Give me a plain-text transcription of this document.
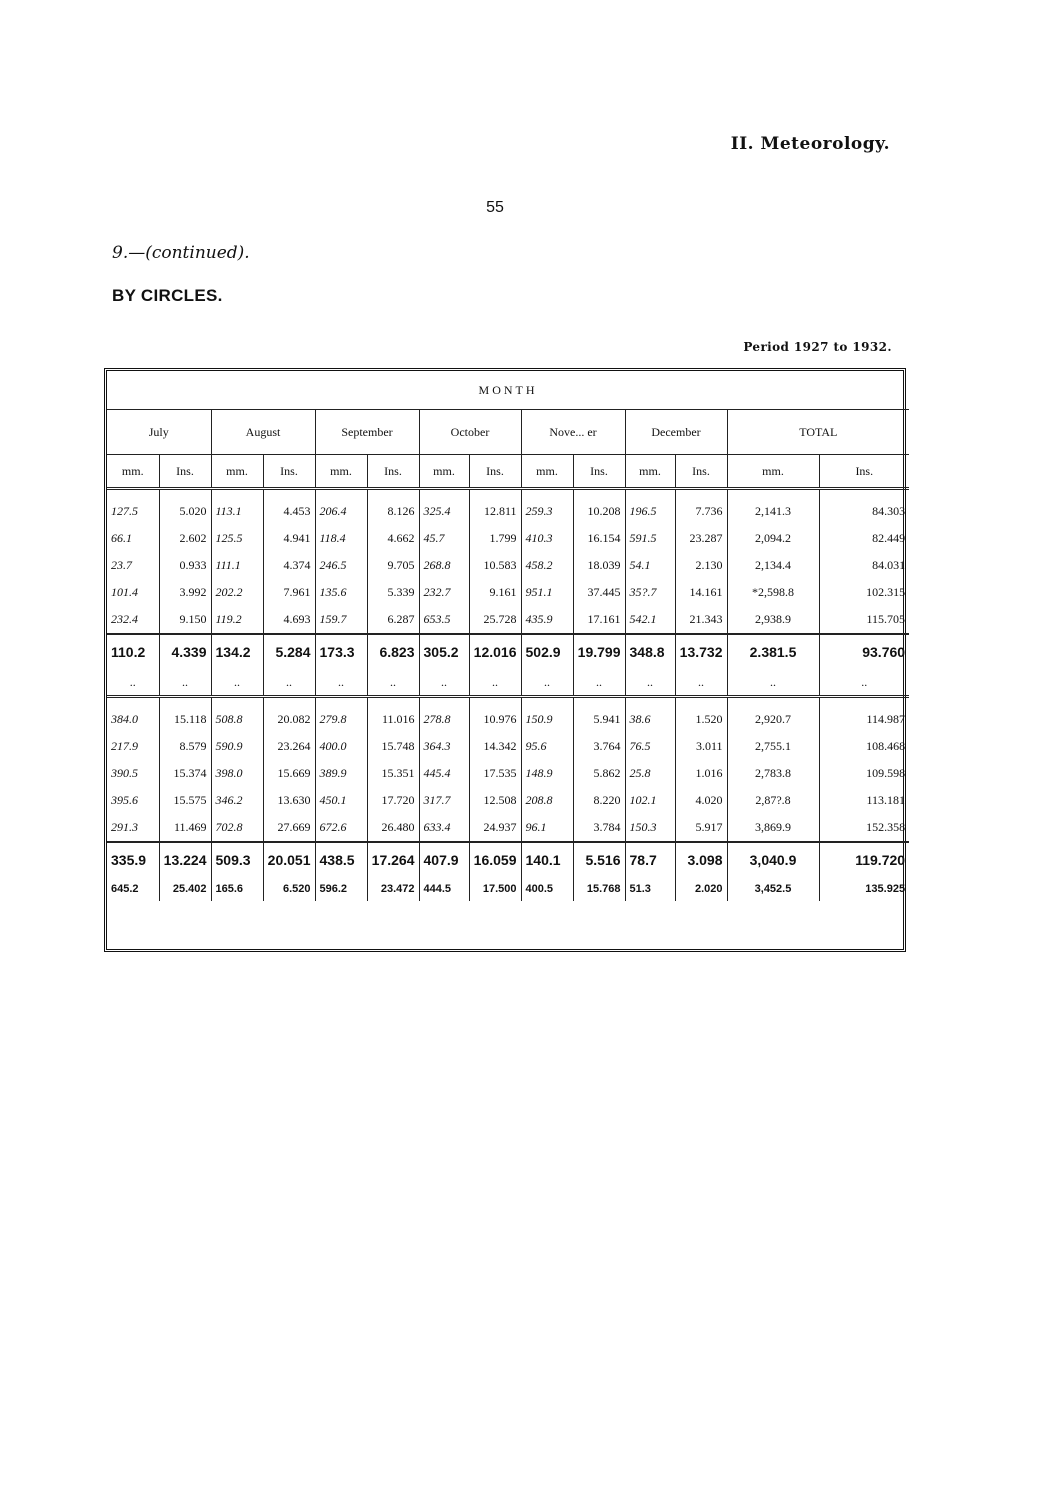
II. Meteorology.
55
9.—(continued).
BY CIRCLES.
Period 1927 to 1932.
MONTH													
July		August		September		October		Nove... er		December		TOTAL	
mm.	Ins.	mm.	Ins.	mm.	Ins.	mm.	Ins.	mm.	Ins.	mm.	Ins.	mm.	Ins.
127.5	5.020	113.1	4.453	206.4	8.126	325.4	12.811	259.3	10.208	196.5	7.736	2,141.3	84.303
66.1	2.602	125.5	4.941	118.4	4.662	45.7	1.799	410.3	16.154	591.5	23.287	2,094.2	82.449
23.7	0.933	111.1	4.374	246.5	9.705	268.8	10.583	458.2	18.039	54.1	2.130	2,134.4	84.031
101.4	3.992	202.2	7.961	135.6	5.339	232.7	9.161	951.1	37.445	35?.7	14.161	*2,598.8	102.315
232.4	9.150	119.2	4.693	159.7	6.287	653.5	25.728	435.9	17.161	542.1	21.343	2,938.9	115.705
110.2	4.339	134.2	5.284	173.3	6.823	305.2	12.016	502.9	19.799	348.8	13.732	2.381.5	93.760
..	..	..	..	..	..	..	..	..	..	..	..	..	..
384.0	15.118	508.8	20.082	279.8	11.016	278.8	10.976	150.9	5.941	38.6	1.520	2,920.7	114.987
217.9	8.579	590.9	23.264	400.0	15.748	364.3	14.342	95.6	3.764	76.5	3.011	2,755.1	108.468
390.5	15.374	398.0	15.669	389.9	15.351	445.4	17.535	148.9	5.862	25.8	1.016	2,783.8	109.598
395.6	15.575	346.2	13.630	450.1	17.720	317.7	12.508	208.8	8.220	102.1	4.020	2,87?.8	113.181
291.3	11.469	702.8	27.669	672.6	26.480	633.4	24.937	96.1	3.784	150.3	5.917	3,869.9	152.358
335.9	13.224	509.3	20.051	438.5	17.264	407.9	16.059	140.1	5.516	78.7	3.098	3,040.9	119.720
645.2	25.402	165.6	6.520	596.2	23.472	444.5	17.500	400.5	15.768	51.3	2.020	3,452.5	135.925
